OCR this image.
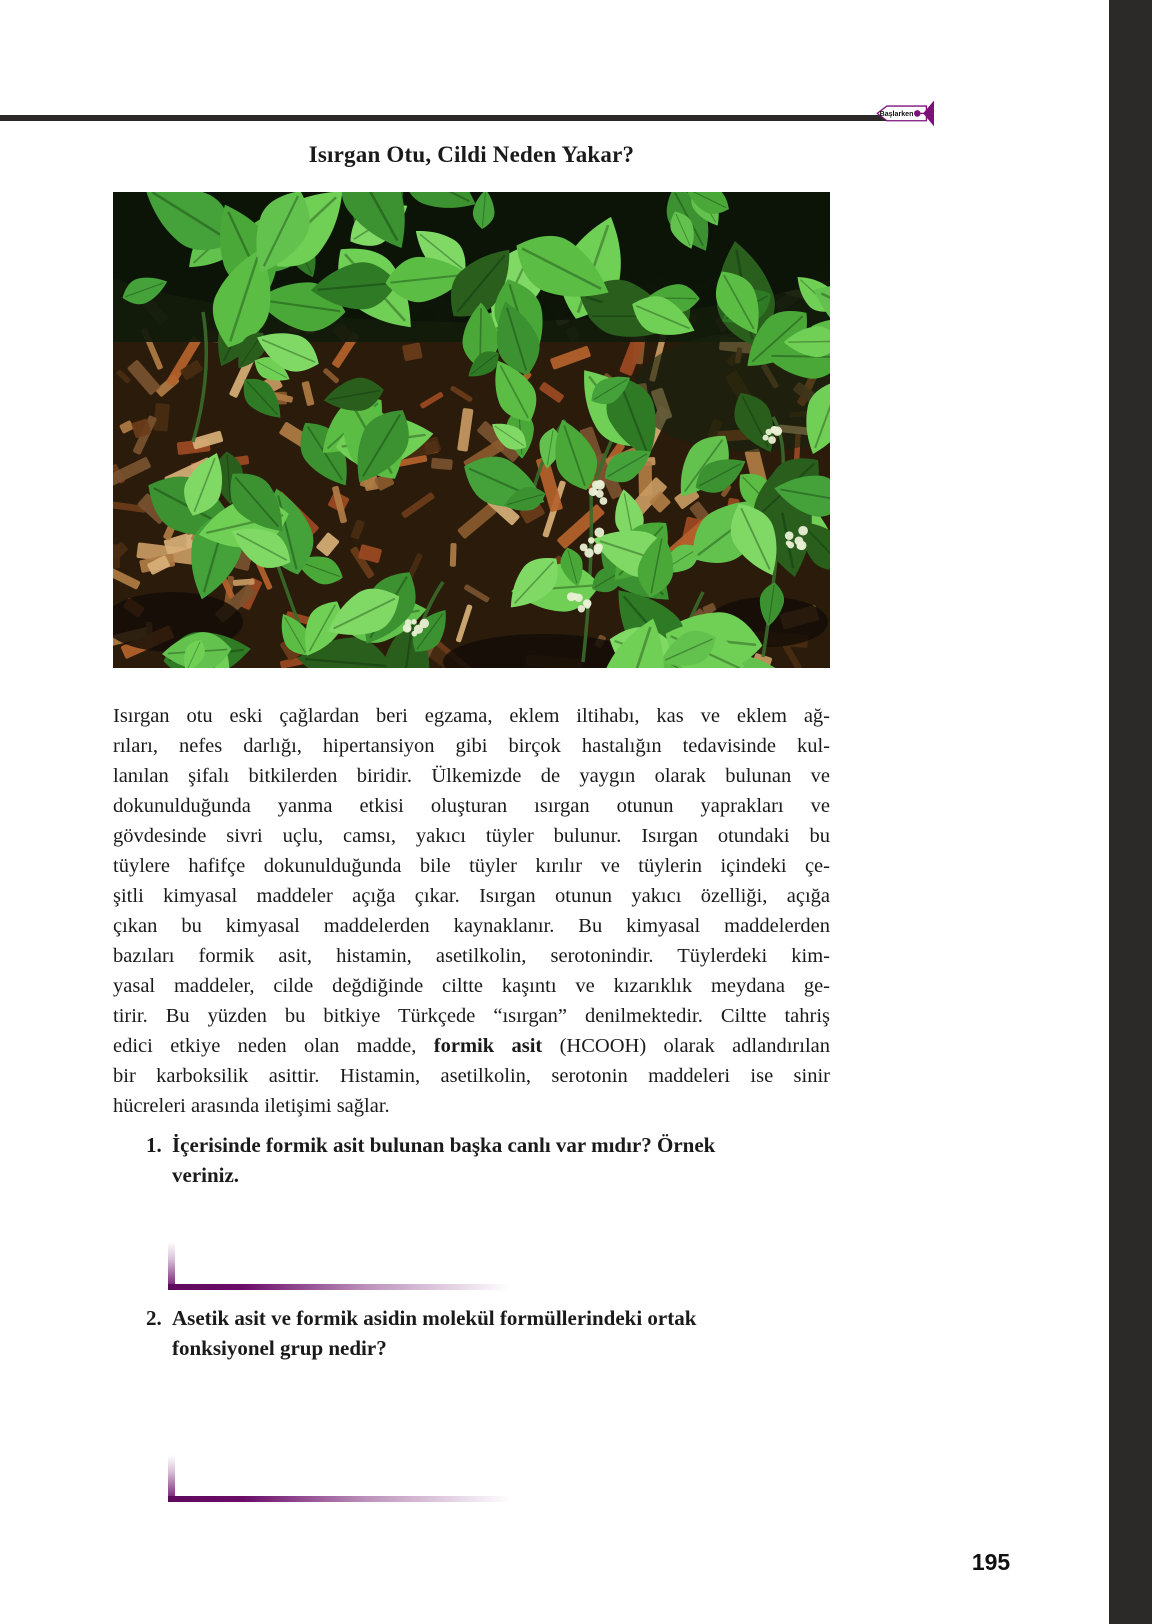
Başlarken
Isırgan Otu, Cildi Neden Yakar?
Isırgan otu eski çağlardan beri egzama, eklem iltihabı, kas ve eklem ağ-
rıları, nefes darlığı, hipertansiyon gibi birçok hastalığın tedavisinde kul-
lanılan şifalı bitkilerden biridir. Ülkemizde de yaygın olarak bulunan ve
dokunulduğunda yanma etkisi oluşturan ısırgan otunun yaprakları ve
gövdesinde sivri uçlu, camsı, yakıcı tüyler bulunur. Isırgan otundaki bu
tüylere hafifçe dokunulduğunda bile tüyler kırılır ve tüylerin içindeki çe-
şitli kimyasal maddeler açığa çıkar. Isırgan otunun yakıcı özelliği, açığa
çıkan bu kimyasal maddelerden kaynaklanır. Bu kimyasal maddelerden
bazıları formik asit, histamin, asetilkolin, serotonindir. Tüylerdeki kim-
yasal maddeler, cilde değdiğinde ciltte kaşıntı ve kızarıklık meydana ge-
tirir. Bu yüzden bu bitkiye Türkçede “ısırgan” denilmektedir. Ciltte tahriş
edici etkiye neden olan madde, formik asit (HCOOH) olarak adlandırılan
bir karboksilik asittir. Histamin, asetilkolin, serotonin maddeleri ise sinir
hücreleri arasında iletişimi sağlar.
1. İçerisinde formik asit bulunan başka canlı var mıdır? Örnek
veriniz.
2. Asetik asit ve formik asidin molekül formüllerindeki ortak
fonksiyonel grup nedir?
195
